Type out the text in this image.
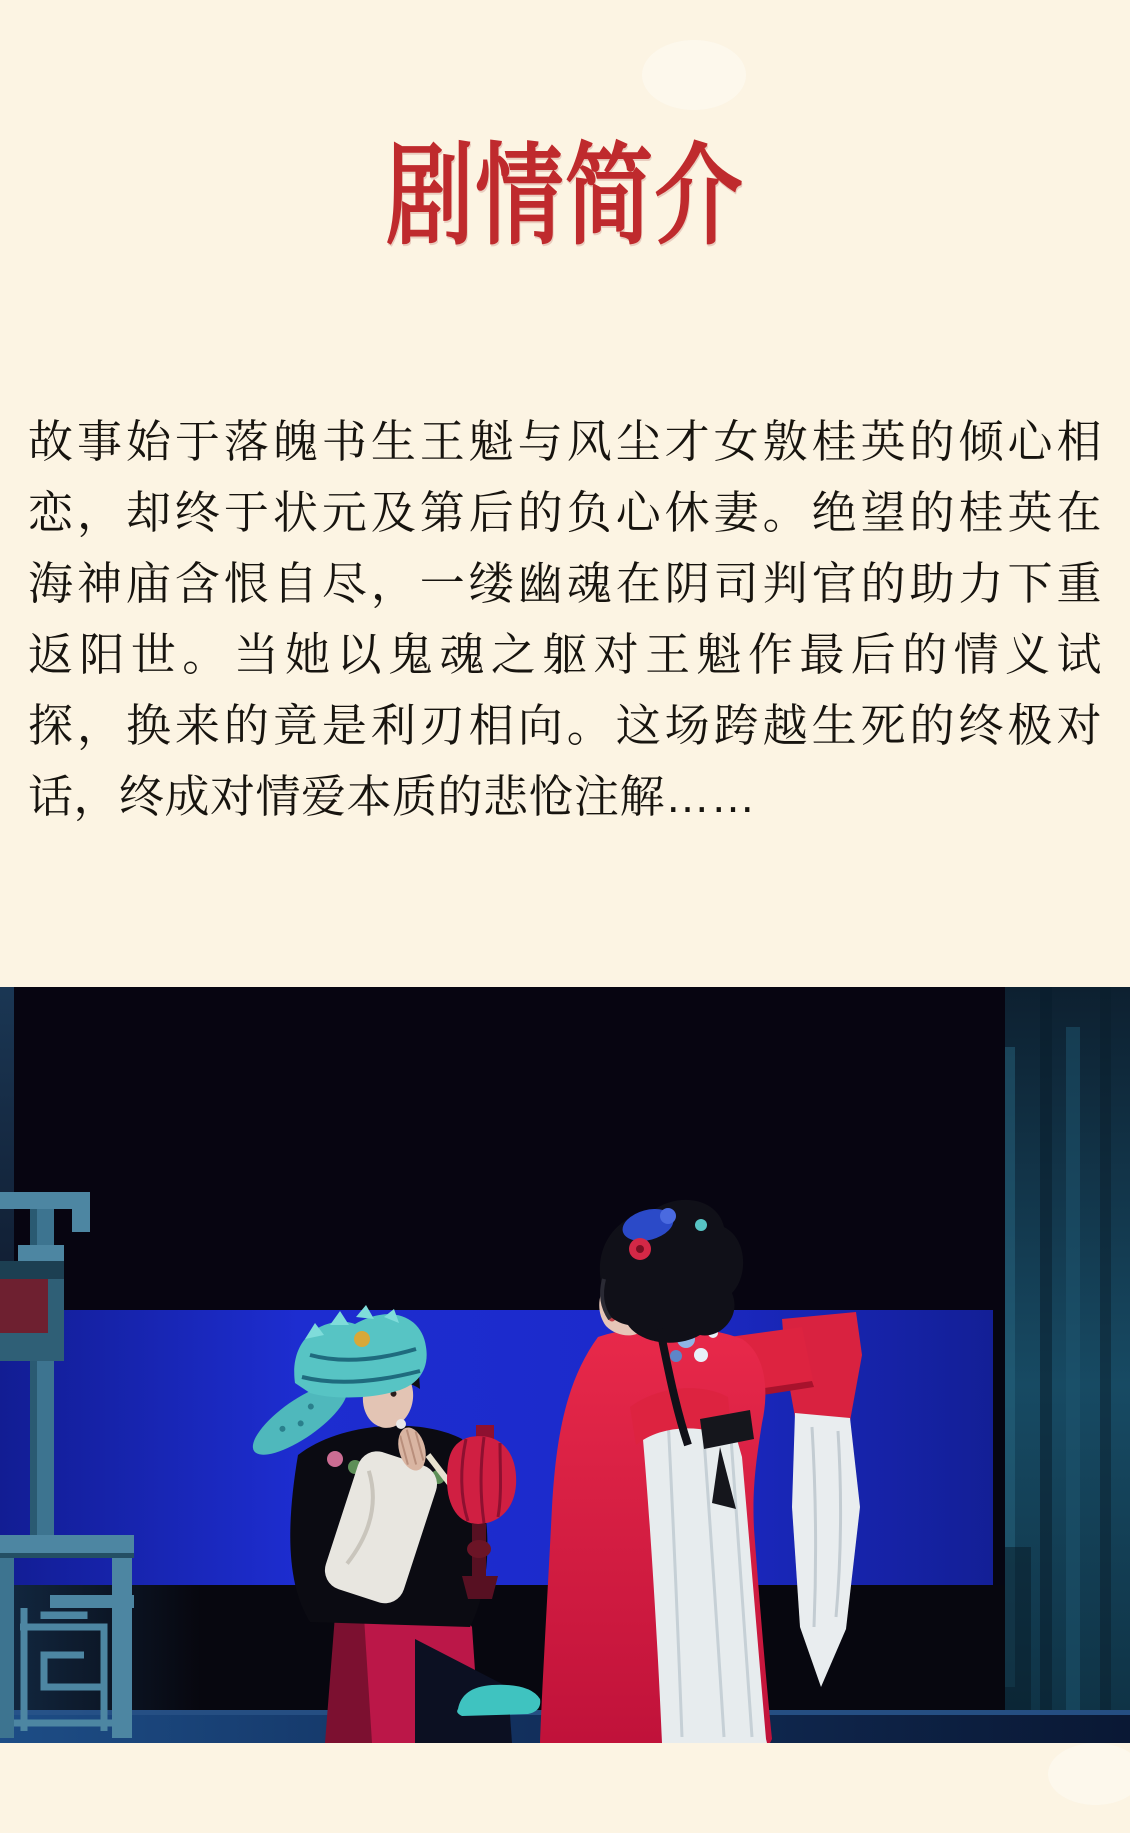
剧情简介
故事始于落魄书生王魁与风尘才女敫桂英的倾心相
恋，却终于状元及第后的负心休妻。绝望的桂英在
海神庙含恨自尽，一缕幽魂在阴司判官的助力下重
返阳世。当她以鬼魂之躯对王魁作最后的情义试
探，换来的竟是利刃相向。这场跨越生死的终极对
话，终成对情爱本质的悲怆注解……
